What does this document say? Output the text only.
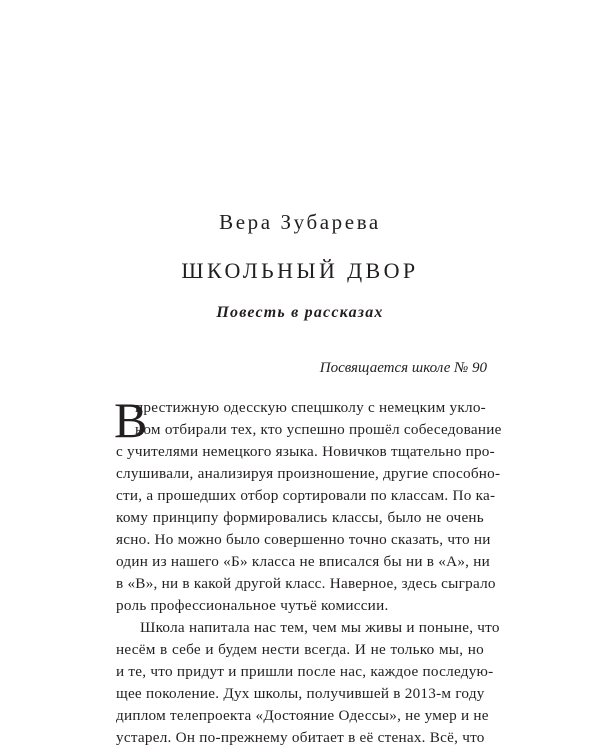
Вера Зубарева
ШКОЛЬНЫЙ ДВОР
Повесть в рассказах
Посвящается школе № 90
В
престижную одесскую спецшколу с немецким укло-
ном отбирали тех, кто успешно прошёл собеседование
с учителями немецкого языка. Новичков тщательно про-
слушивали, анализируя произношение, другие способно-
сти, а прошедших отбор сортировали по классам. По ка-
кому принципу формировались классы, было не очень
ясно. Но можно было совершенно точно сказать, что ни
один из нашего «Б» класса не вписался бы ни в «А», ни
в «В», ни в какой другой класс. Наверное, здесь сыграло
роль профессиональное чутьё комиссии.
Школа напитала нас тем, чем мы живы и поныне, что
несём в себе и будем нести всегда. И не только мы, но
и те, что придут и пришли после нас, каждое последую-
щее поколение. Дух школы, получившей в 2013-м году
диплом телепроекта «Достояние Одессы», не умер и не
устарел. Он по-прежнему обитает в её стенах. Всё, что
